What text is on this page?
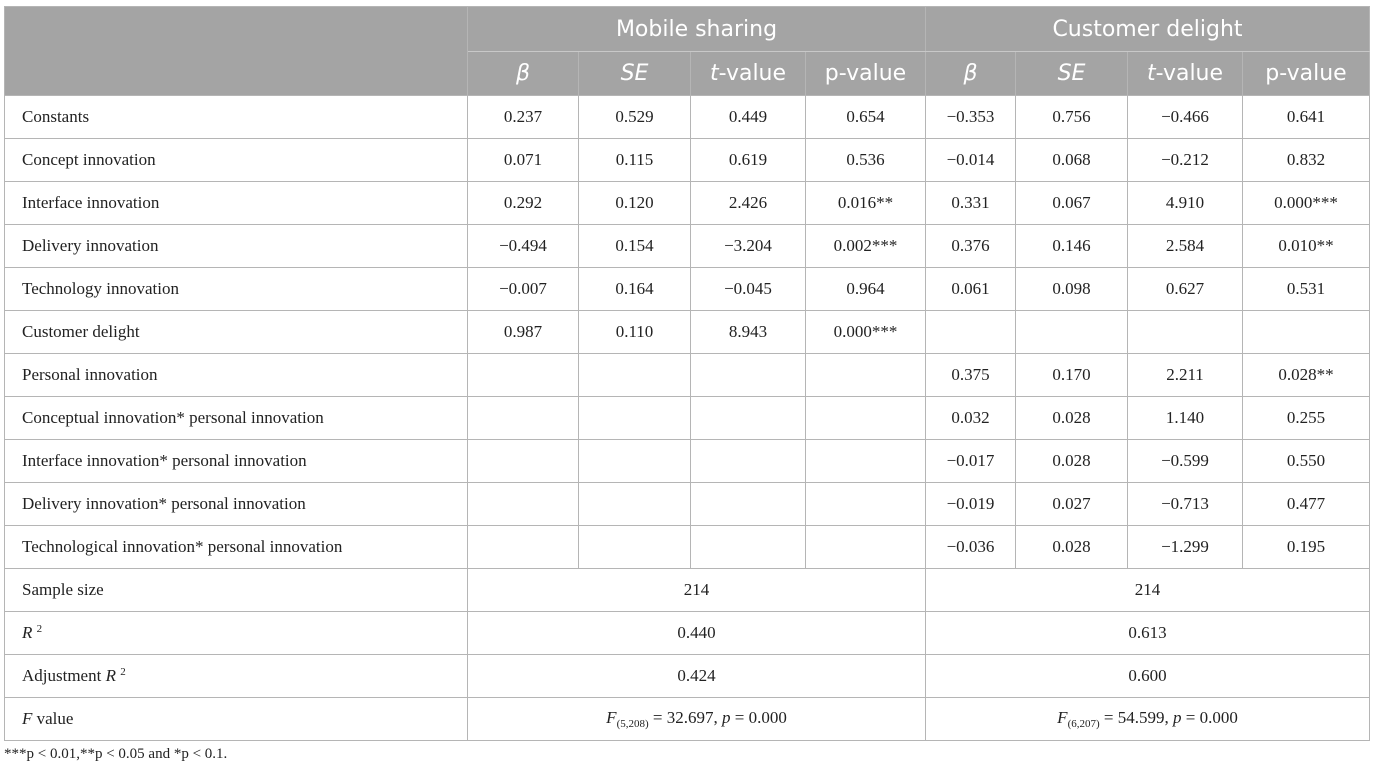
	Mobile sharing				Customer delight			
	β	SE	t-value	p-value	β	SE	t-value	p-value
Constants	0.237	0.529	0.449	0.654	−0.353	0.756	−0.466	0.641
Concept innovation	0.071	0.115	0.619	0.536	−0.014	0.068	−0.212	0.832
Interface innovation	0.292	0.120	2.426	0.016**	0.331	0.067	4.910	0.000***
Delivery innovation	−0.494	0.154	−3.204	0.002***	0.376	0.146	2.584	0.010**
Technology innovation	−0.007	0.164	−0.045	0.964	0.061	0.098	0.627	0.531
Customer delight	0.987	0.110	8.943	0.000***				
Personal innovation					0.375	0.170	2.211	0.028**
Conceptual innovation* personal innovation					0.032	0.028	1.140	0.255
Interface innovation* personal innovation					−0.017	0.028	−0.599	0.550
Delivery innovation* personal innovation					−0.019	0.027	−0.713	0.477
Technological innovation* personal innovation					−0.036	0.028	−1.299	0.195
Sample size	214				214			
R $^2$	0.440				0.613			
Adjustment R $^2$	0.424				0.600			
F value	$F_{(5,208)} = 32.697$, p = 0.000				$F_{(6,207)} = 54.599$, p = 0.000			
***p < 0.01,**p < 0.05 and *p < 0.1.
